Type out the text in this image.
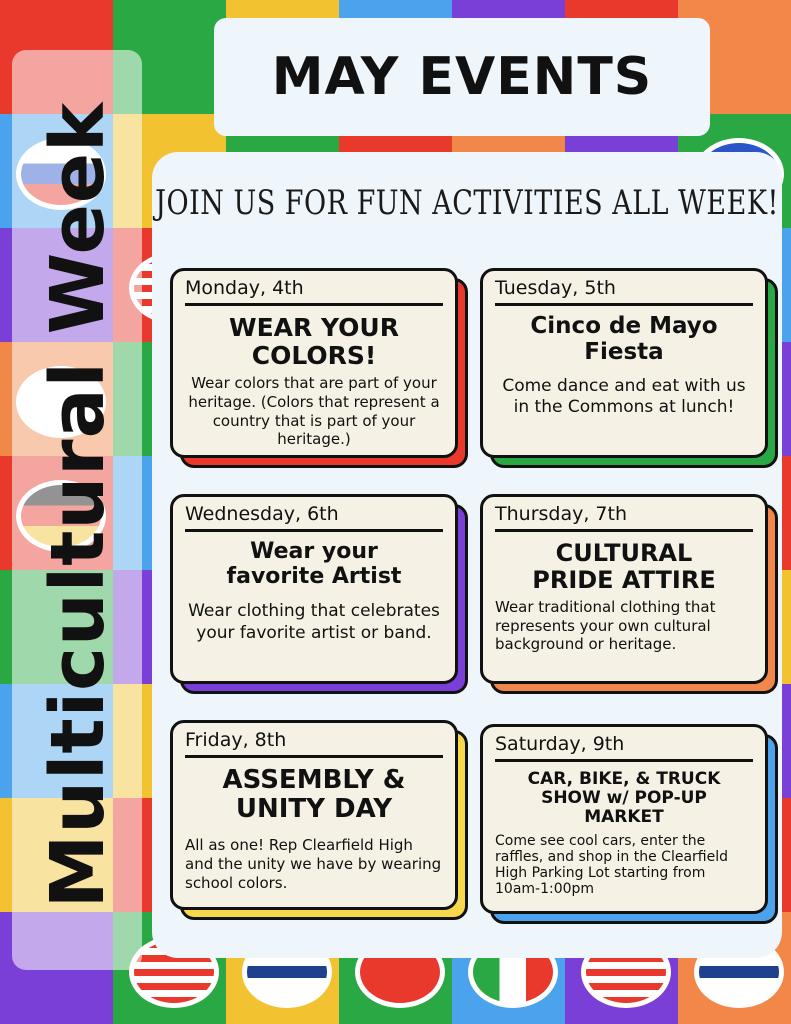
Multicultural Week
MAY EVENTS
JOIN US FOR FUN ACTIVITIES ALL WEEK!
Monday, 4th
WEAR YOUR COLORS!
Wear colors that are part of your heritage. (Colors that represent a country that is part of your heritage.)
Tuesday, 5th
Cinco de Mayo Fiesta
Come dance and eat with us in the Commons at lunch!
Wednesday, 6th
Wear your favorite Artist
Wear clothing that celebrates your favorite artist or band.
Thursday, 7th
CULTURAL PRIDE ATTIRE
Wear traditional clothing that represents your own cultural background or heritage.
Friday, 8th
ASSEMBLY & UNITY DAY
All as one! Rep Clearfield High and the unity we have by wearing school colors.
Saturday, 9th
CAR, BIKE, & TRUCK SHOW w/ POP-UP MARKET
Come see cool cars, enter the raffles, and shop in the Clearfield High Parking Lot starting from 10am-1:00pm
